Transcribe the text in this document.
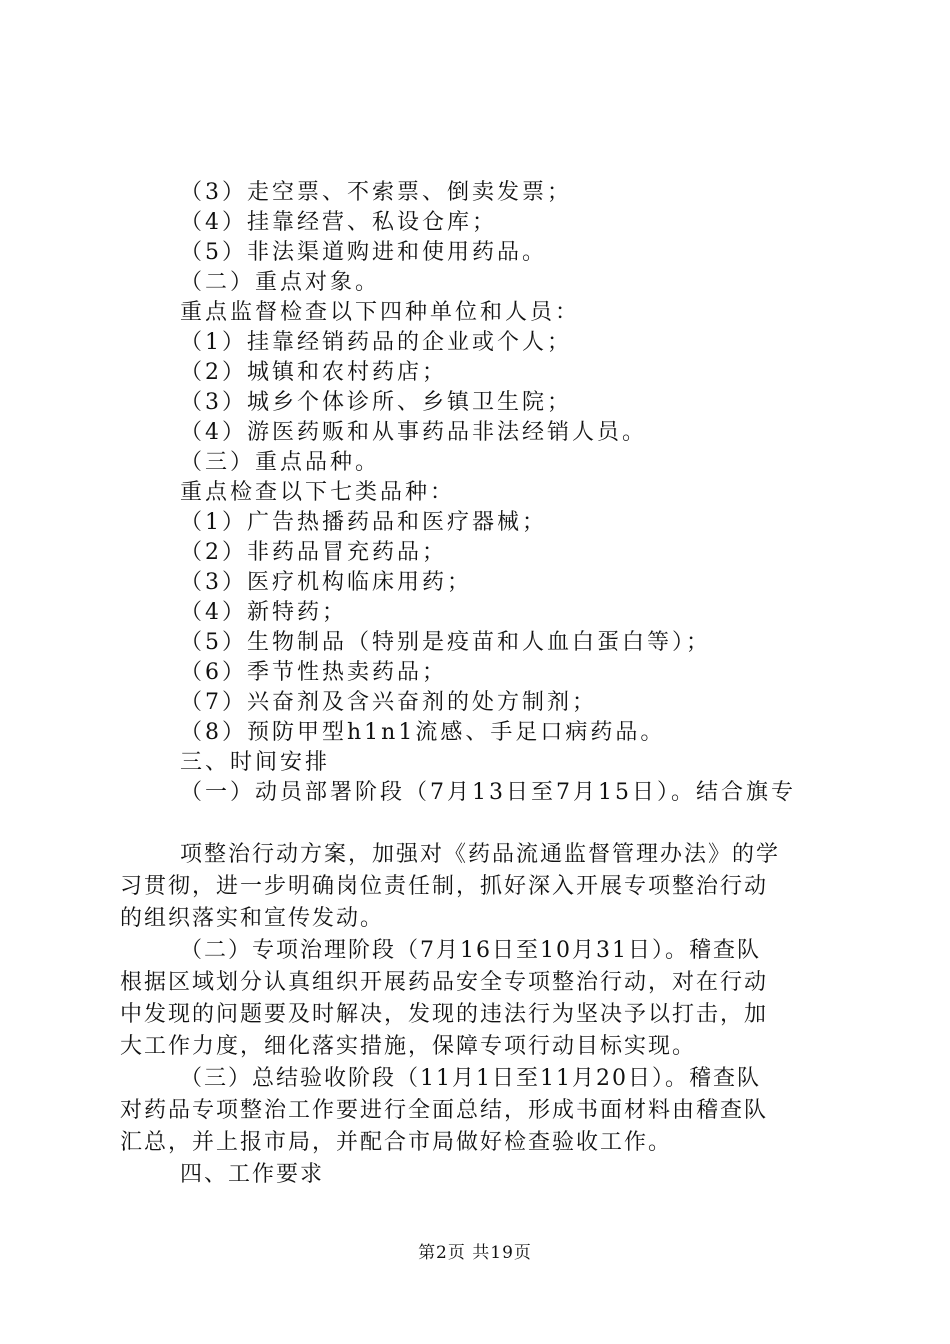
（3）走空票、不索票、倒卖发票；
（4）挂靠经营、私设仓库；
（5）非法渠道购进和使用药品。
（二）重点对象。
重点监督检查以下四种单位和人员：
（1）挂靠经销药品的企业或个人；
（2）城镇和农村药店；
（3）城乡个体诊所、乡镇卫生院；
（4）游医药贩和从事药品非法经销人员。
（三）重点品种。
重点检查以下七类品种：
（1）广告热播药品和医疗器械；
（2）非药品冒充药品；
（3）医疗机构临床用药；
（4）新特药；
（5）生物制品（特别是疫苗和人血白蛋白等）；
（6）季节性热卖药品；
（7）兴奋剂及含兴奋剂的处方制剂；
（8）预防甲型h1n1流感、手足口病药品。
三、时间安排
（一）动员部署阶段（7月13日至7月15日）。结合旗专
项整治行动方案，加强对《药品流通监督管理办法》的学
习贯彻，进一步明确岗位责任制，抓好深入开展专项整治行动
的组织落实和宣传发动。
（二）专项治理阶段（7月16日至10月31日）。稽查队
根据区域划分认真组织开展药品安全专项整治行动，对在行动
中发现的问题要及时解决，发现的违法行为坚决予以打击，加
大工作力度，细化落实措施，保障专项行动目标实现。
（三）总结验收阶段（11月1日至11月20日）。稽查队
对药品专项整治工作要进行全面总结，形成书面材料由稽查队
汇总，并上报市局，并配合市局做好检查验收工作。
四、工作要求
第2页 共19页
